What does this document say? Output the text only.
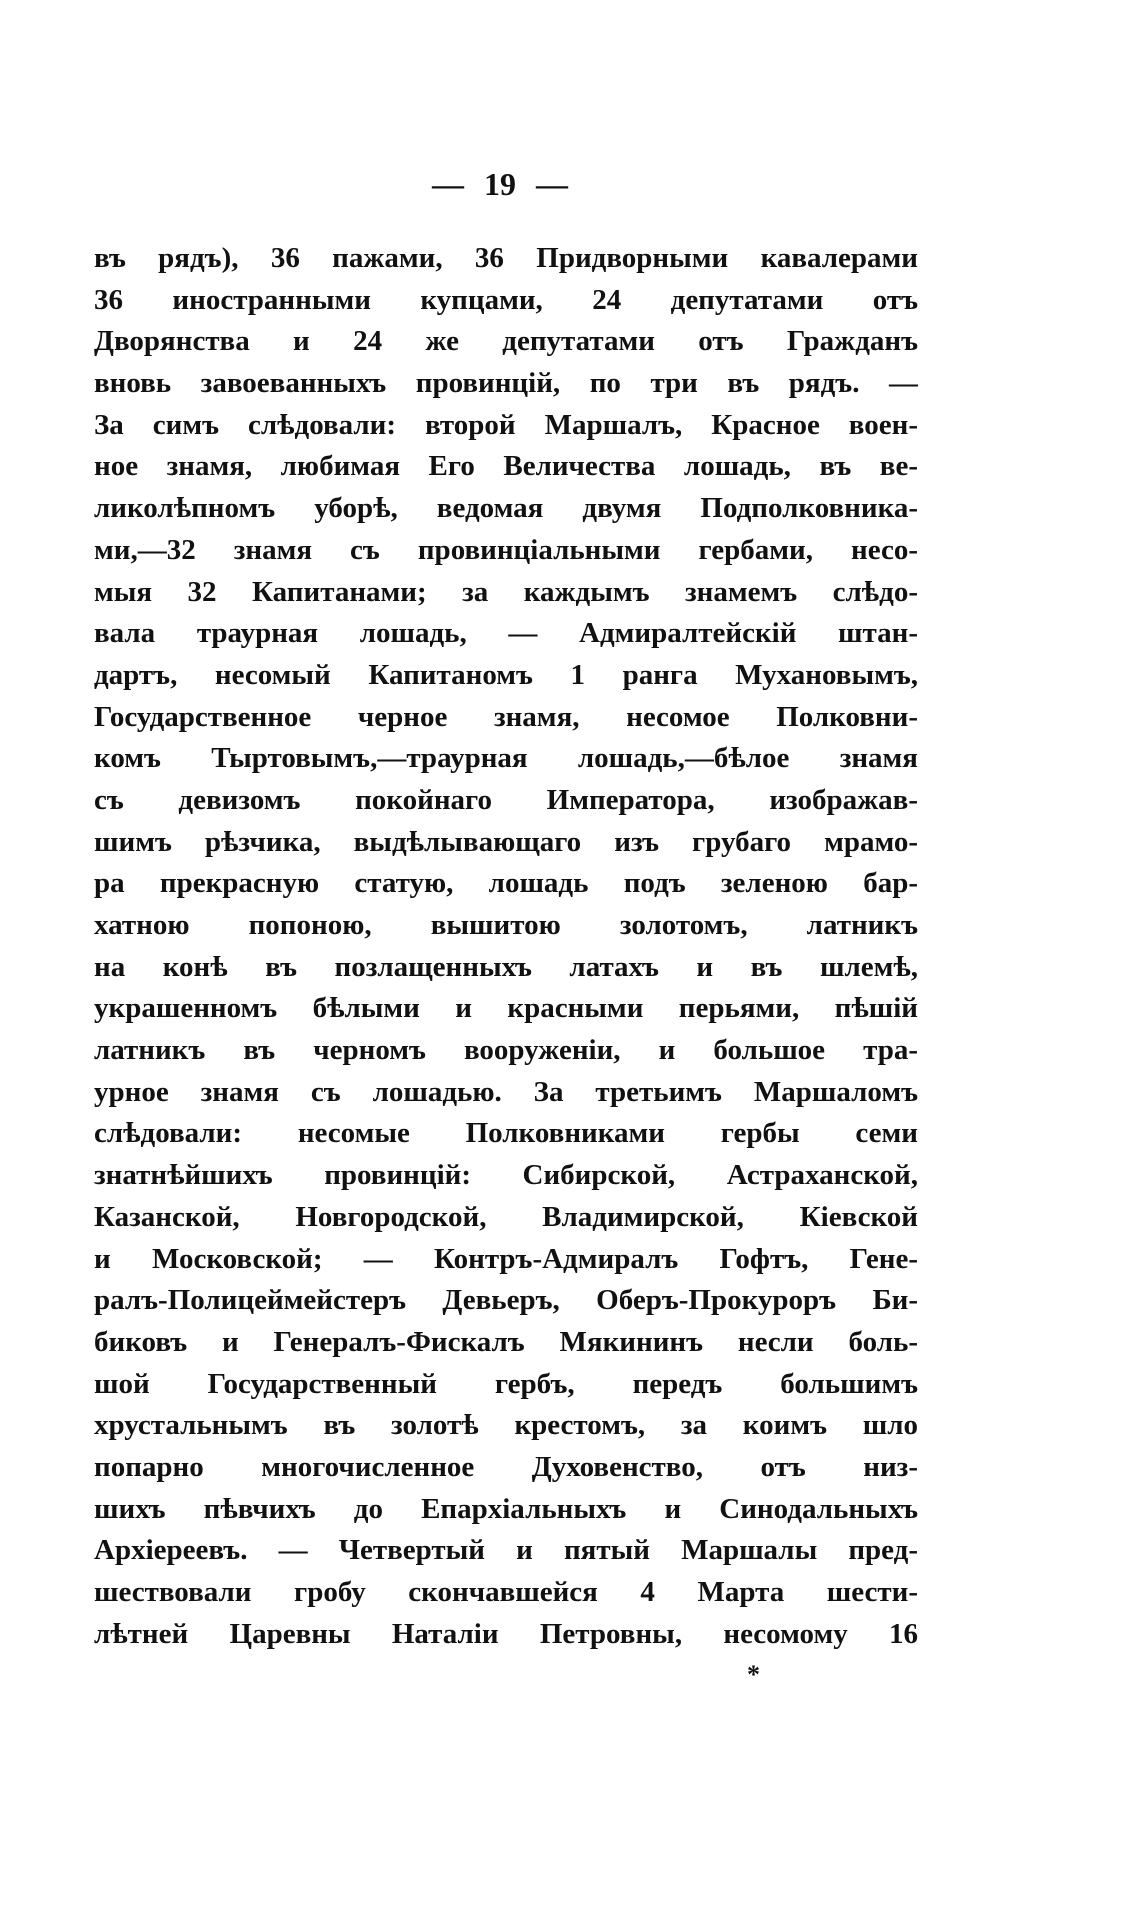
— 19 —
въ рядъ), 36 пажами, 36 Придворными кавалерами
36 иностранными купцами, 24 депутатами отъ
Дворянства и 24 же депутатами отъ Гражданъ
вновь завоеванныхъ провинцій, по три въ рядъ. —
За симъ слѣдовали: второй Маршалъ, Красное воен-
ное знамя, любимая Его Величества лошадь, въ ве-
ликолѣпномъ уборѣ, ведомая двумя Подполковника-
ми,—32 знамя съ провинціальными гербами, несо-
мыя 32 Капитанами; за каждымъ знамемъ слѣдо-
вала траурная лошадь, — Адмиралтейскій штан-
дартъ, несомый Капитаномъ 1 ранга Мухановымъ,
Государственное черное знамя, несомое Полковни-
комъ Тыртовымъ,—траурная лошадь,—бѣлое знамя
съ девизомъ покойнаго Императора, изображав-
шимъ рѣзчика, выдѣлывающаго изъ грубаго мрамо-
ра прекрасную статую, лошадь подъ зеленою бар-
хатною попоною, вышитою золотомъ, латникъ
на конѣ въ позлащенныхъ латахъ и въ шлемѣ,
украшенномъ бѣлыми и красными перьями, пѣшій
латникъ въ черномъ вооруженіи, и большое тра-
урное знамя съ лошадью. За третьимъ Маршаломъ
слѣдовали: несомые Полковниками гербы семи
знатнѣйшихъ провинцій: Сибирской, Астраханской,
Казанской, Новгородской, Владимирской, Кіевской
и Московской; — Контръ-Адмиралъ Гофтъ, Гене-
ралъ-Полицеймейстеръ Девьеръ, Оберъ-Прокуроръ Би-
биковъ и Генералъ-Фискалъ Мякининъ несли боль-
шой Государственный гербъ, передъ большимъ
хрустальнымъ въ золотѣ крестомъ, за коимъ шло
попарно многочисленное Духовенство, отъ низ-
шихъ пѣвчихъ до Епархіальныхъ и Синодальныхъ
Архіереевъ. — Четвертый и пятый Маршалы пред-
шествовали гробу скончавшейся 4 Марта шести-
лѣтней Царевны Наталіи Петровны, несомому 16
*
